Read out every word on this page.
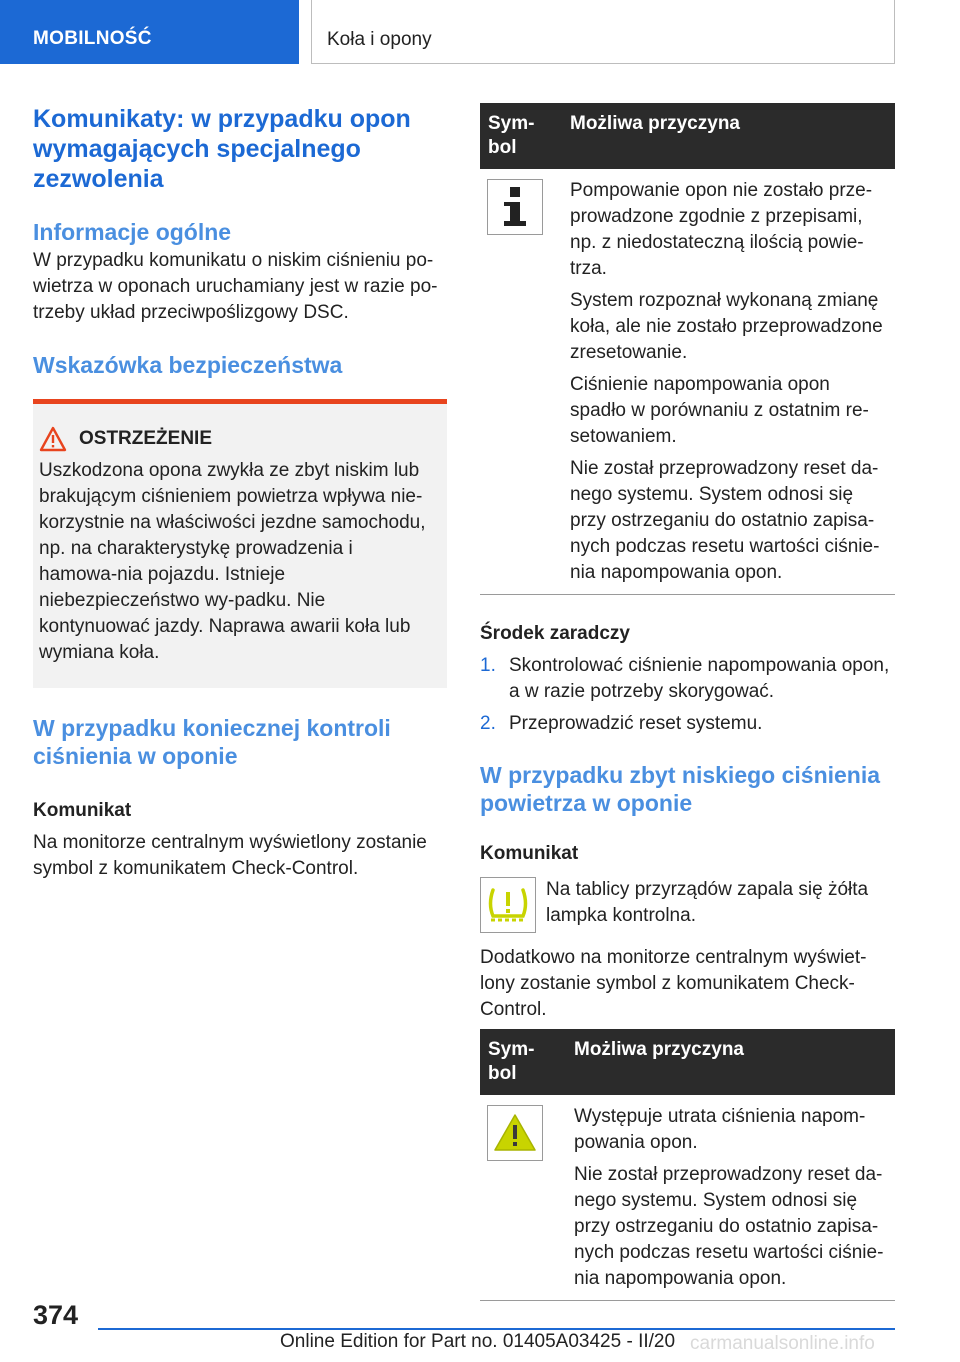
MOBILNOŚĆ	Koła i opony
Komunikaty: w przypadku opon wymagających specjalnego zezwolenia
Informacje ogólne

W przypadku komunikatu o niskim ciśnieniu po-wietrza w oponach uruchamiany jest w razie po-trzeby układ przeciwpoślizgowy DSC.

Wskazówka bezpieczeństwa
OSTRZEŻENIE

Uszkodzona opona zwykła ze zbyt niskim lub brakującym ciśnieniem powietrza wpływa nie-korzystnie na właściwości jezdne samochodu, np. na charakterystykę prowadzenia i hamowa-nia pojazdu. Istnieje niebezpieczeństwo wy-padku. Nie kontynuować jazdy. Naprawa awarii koła lub wymiana koła.

W przypadku koniecznej kontroli ciśnienia w oponie
Komunikat

Na monitorze centralnym wyświetlony zostanie symbol z komunikatem Check-Control.

Sym-bol	Możliwa przyczyna

Pompowanie opon nie zostało prze-prowadzone zgodnie z przepisami, np. z niedostateczną ilością powie-trza.

System rozpoznał wykonaną zmianę koła, ale nie zostało przeprowadzone zresetowanie.

Ciśnienie napompowania opon spadło w porównaniu z ostatnim re-setowaniem.

Nie został przeprowadzony reset da-nego systemu. System odnosi się przy ostrzeganiu do ostatnio zapisa-nych podczas resetu wartości ciśnie-nia napompowania opon.

Środek zaradczy
1. Skontrolować ciśnienie napompowania opon, a w razie potrzeby skorygować.

2. Przeprowadzić reset systemu.

W przypadku zbyt niskiego ciśnienia powietrza w oponie
Komunikat

Na tablicy przyrządów zapala się żółta lampka kontrolna.

Dodatkowo na monitorze centralnym wyświet-lony zostanie symbol z komunikatem Check-Control.

Sym-bol	Możliwa przyczyna

Występuje utrata ciśnienia napom-powania opon.

Nie został przeprowadzony reset da-nego systemu. System odnosi się przy ostrzeganiu do ostatnio zapisa-nych podczas resetu wartości ciśnie-nia napompowania opon.

374
Online Edition for Part no. 01405A03425 - II/20 carmanualsonline.info
